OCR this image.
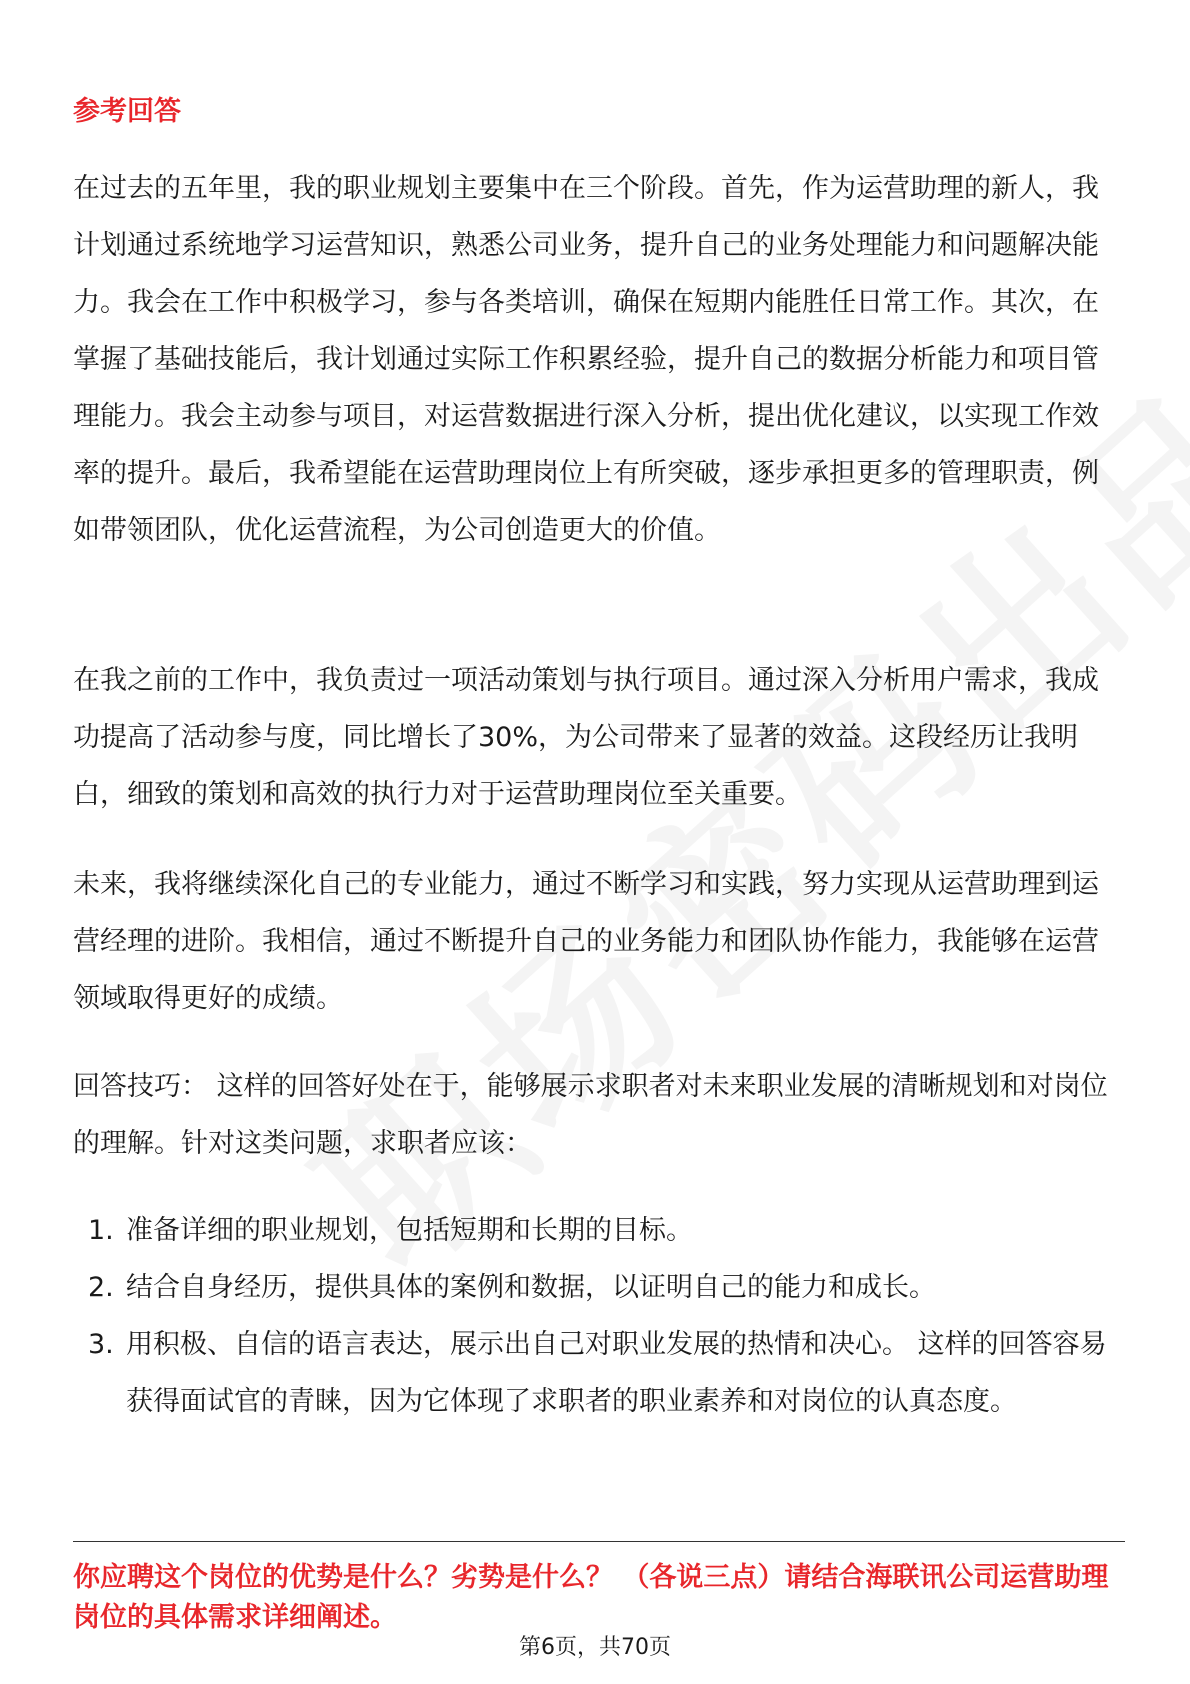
参考回答

在过去的五年里，我的职业规划主要集中在三个阶段。首先，作为运营助理的新人，我计划通过系统地学习运营知识，熟悉公司业务，提升自己的业务处理能力和问题解决能力。我会在工作中积极学习，参与各类培训，确保在短期内能胜任日常工作。其次，在掌握了基础技能后，我计划通过实际工作积累经验，提升自己的数据分析能力和项目管理能力。我会主动参与项目，对运营数据进行深入分析，提出优化建议，以实现工作效率的提升。最后，我希望能在运营助理岗位上有所突破，逐步承担更多的管理职责，例如带领团队，优化运营流程，为公司创造更大的价值。

在我之前的工作中，我负责过一项活动策划与执行项目。通过深入分析用户需求，我成功提高了活动参与度，同比增长了30%，为公司带来了显著的效益。这段经历让我明白，细致的策划和高效的执行力对于运营助理岗位至关重要。

未来，我将继续深化自己的专业能力，通过不断学习和实践，努力实现从运营助理到运营经理的进阶。我相信，通过不断提升自己的业务能力和团队协作能力，我能够在运营领域取得更好的成绩。

回答技巧： 这样的回答好处在于，能够展示求职者对未来职业发展的清晰规划和对岗位的理解。针对这类问题，求职者应该：

1. 准备详细的职业规划，包括短期和长期的目标。
2. 结合自身经历，提供具体的案例和数据，以证明自己的能力和成长。
3. 用积极、自信的语言表达，展示出自己对职业发展的热情和决心。 这样的回答容易获得面试官的青睐，因为它体现了求职者的职业素养和对岗位的认真态度。
你应聘这个岗位的优势是什么？劣势是什么？ （各说三点）请结合海联讯公司运营助理岗位的具体需求详细阐述。
第6页，共70页
